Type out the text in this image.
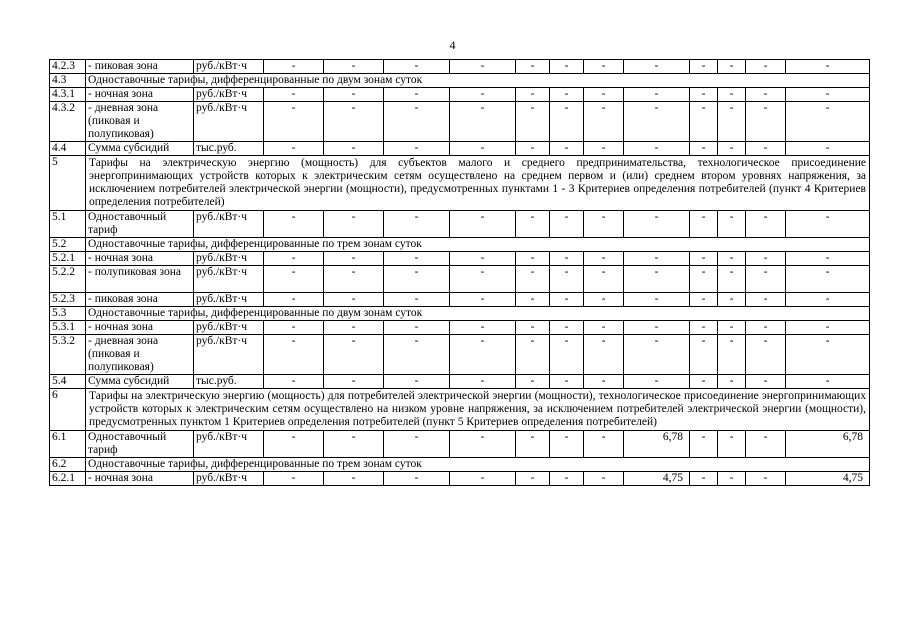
4
4.2.3	- пиковая зона	руб./кВт·ч	-	-	-	-	-	-	-	-	-	-	-	-	
4.3	Одноставочные тарифы, дифференцированные по двум зонам суток														
4.3.1	- ночная зона	руб./кВт·ч	-	-	-	-	-	-	-	-	-	-	-	-	
4.3.2	- дневная зона (пиковая и полупиковая)	руб./кВт·ч	-	-	-	-	-	-	-	-	-	-	-	-	
4.4	Сумма субсидий	тыс.руб.	-	-	-	-	-	-	-	-	-	-	-	-	
5	Тарифы на электрическую энергию (мощность) для субъектов малого и среднего предпринимательства, технологическое присоединение энергопринимающих устройств которых к электрическим сетям осуществлено на среднем первом и (или) среднем втором уровнях напряжения, за исключением потребителей электрической энергии (мощности), предусмотренных пунктами 1 - 3 Критериев определения потребителей (пункт 4 Критериев определения потребителей)														
5.1	Одноставочный тариф	руб./кВт·ч	-	-	-	-	-	-	-	-	-	-	-	-	
5.2	Одноставочные тарифы, дифференцированные по трем зонам суток														
5.2.1	- ночная зона	руб./кВт·ч	-	-	-	-	-	-	-	-	-	-	-	-	
5.2.2	- полупиковая зона	руб./кВт·ч	-	-	-	-	-	-	-	-	-	-	-	-	
5.2.3	- пиковая зона	руб./кВт·ч	-	-	-	-	-	-	-	-	-	-	-	-	
5.3	Одноставочные тарифы, дифференцированные по двум зонам суток														
5.3.1	- ночная зона	руб./кВт·ч	-	-	-	-	-	-	-	-	-	-	-	-	
5.3.2	- дневная зона (пиковая и полупиковая)	руб./кВт·ч	-	-	-	-	-	-	-	-	-	-	-	-	
5.4	Сумма субсидий	тыс.руб.	-	-	-	-	-	-	-	-	-	-	-	-	
6	Тарифы на электрическую энергию (мощность) для потребителей электрической энергии (мощности), технологическое присоединение энергопринимающих устройств которых к электрическим сетям осуществлено на низком уровне напряжения, за исключением потребителей электрической энергии (мощности), предусмотренных пунктом 1 Критериев определения потребителей (пункт 5 Критериев определения потребителей)														
6.1	Одноставочный тариф	руб./кВт·ч	-	-	-	-	-	-	-	6,78	-	-	-	6,78	
6.2	Одноставочные тарифы, дифференцированные по трем зонам суток														
6.2.1	- ночная зона	руб./кВт·ч	-	-	-	-	-	-	-	4,75	-	-	-	4,75	
